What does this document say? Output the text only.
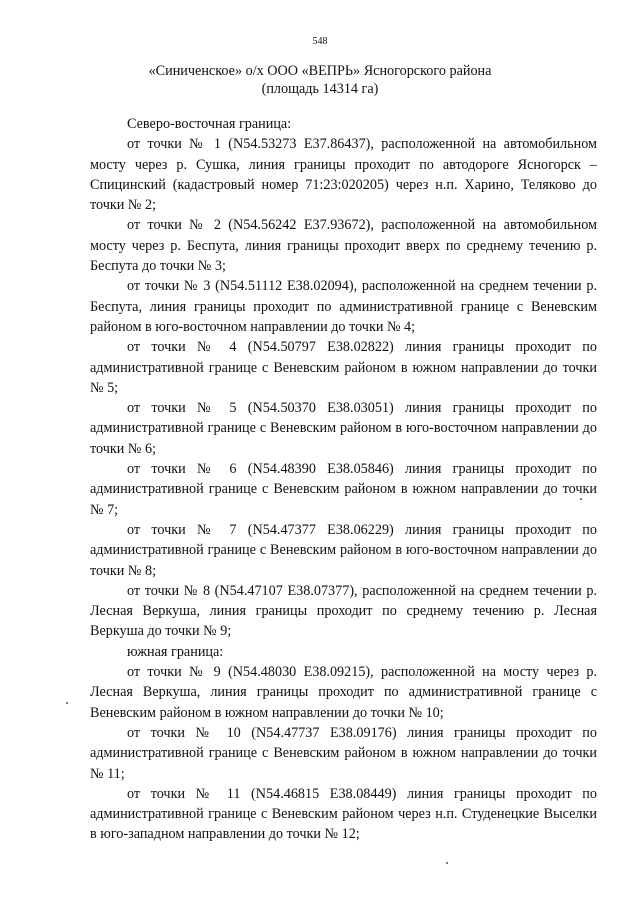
548
«Синиченское» о/х ООО «ВЕПРЬ» Ясногорского района
(площадь 14314 га)

Северо-восточная граница:

от точки № 1 (N54.53273 E37.86437), расположенной на автомобильном мосту через р. Сушка, линия границы проходит по автодороге Ясногорск – Спицинский (кадастровый номер 71:23:020205) через н.п. Харино, Теляково до точки № 2;

от точки № 2 (N54.56242 E37.93672), расположенной на автомобильном мосту через р. Беспута, линия границы проходит вверх по среднему течению р. Беспута до точки № 3;

от точки № 3 (N54.51112 E38.02094), расположенной на среднем течении р. Беспута, линия границы проходит по административной границе с Веневским районом в юго-восточном направлении до точки № 4;

от точки № 4 (N54.50797 E38.02822) линия границы проходит по административной границе с Веневским районом в южном направлении до точки № 5;

от точки № 5 (N54.50370 E38.03051) линия границы проходит по административной границе с Веневским районом в юго-восточном направлении до точки № 6;

от точки № 6 (N54.48390 E38.05846) линия границы проходит по административной границе с Веневским районом в южном направлении до точки № 7;

от точки № 7 (N54.47377 E38.06229) линия границы проходит по административной границе с Веневским районом в юго-восточном направлении до точки № 8;

от точки № 8 (N54.47107 E38.07377), расположенной на среднем течении р. Лесная Веркуша, линия границы проходит по среднему течению р. Лесная Веркуша до точки № 9;

южная граница:

от точки № 9 (N54.48030 E38.09215), расположенной на мосту через р. Лесная Веркуша, линия границы проходит по административной границе с Веневским районом в южном направлении до точки № 10;

от точки № 10 (N54.47737 E38.09176) линия границы проходит по административной границе с Веневским районом в южном направлении до точки № 11;

от точки № 11 (N54.46815 E38.08449) линия границы проходит по административной границе с Веневским районом через н.п. Студенецкие Выселки в юго-западном направлении до точки № 12;
